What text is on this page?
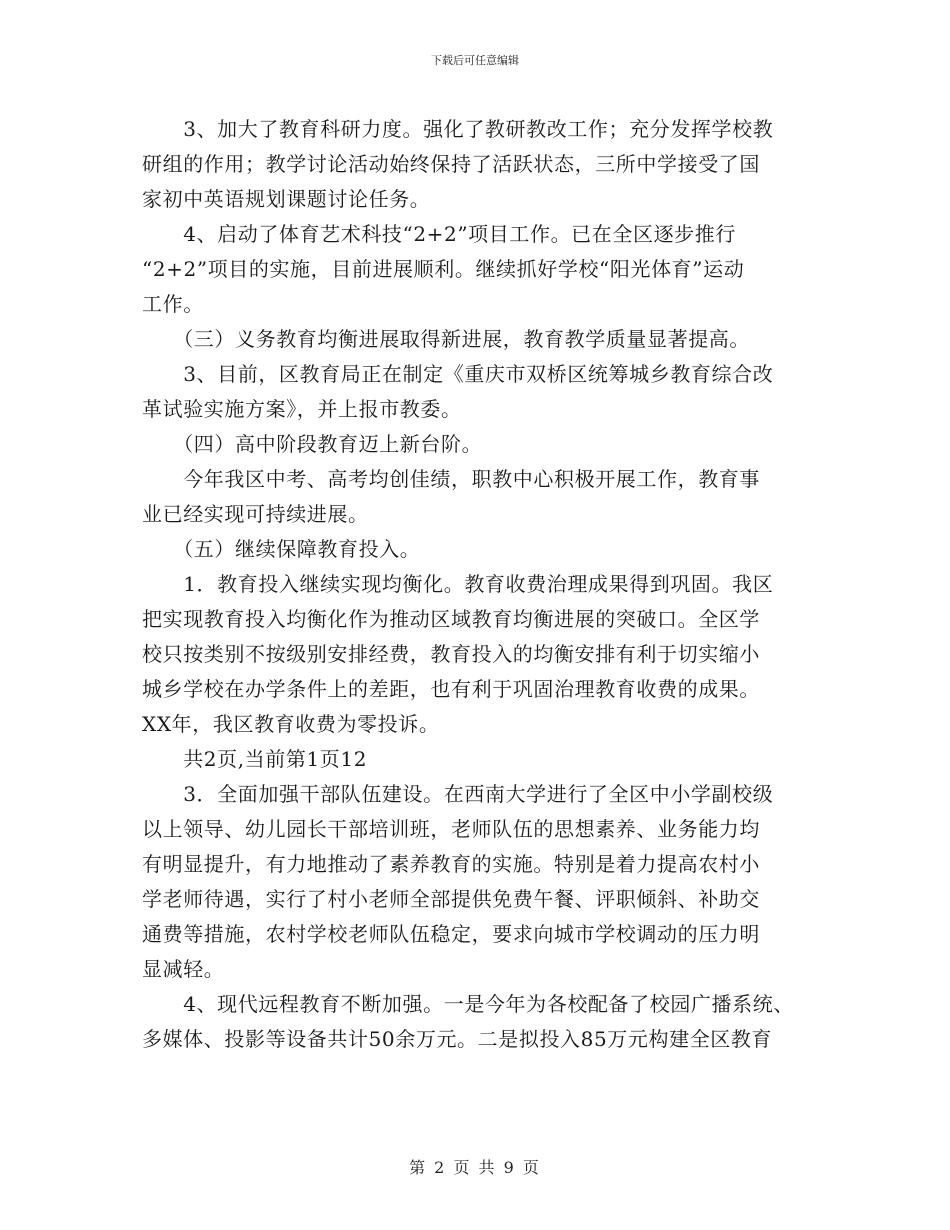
下载后可任意编辑

　　3、加大了教育科研力度。强化了教研教改工作；充分发挥学校教

研组的作用；教学讨论活动始终保持了活跃状态，三所中学接受了国

家初中英语规划课题讨论任务。

　　4、启动了体育艺术科技“2+2”项目工作。已在全区逐步推行

“2+2”项目的实施，目前进展顺利。继续抓好学校“阳光体育”运动

工作。

　　（三）义务教育均衡进展取得新进展，教育教学质量显著提高。

　　3、目前，区教育局正在制定《重庆市双桥区统筹城乡教育综合改

革试验实施方案》，并上报市教委。

　　（四）高中阶段教育迈上新台阶。

　　今年我区中考、高考均创佳绩，职教中心积极开展工作，教育事

业已经实现可持续进展。

　　（五）继续保障教育投入。

　　1．教育投入继续实现均衡化。教育收费治理成果得到巩固。我区

把实现教育投入均衡化作为推动区域教育均衡进展的突破口。全区学

校只按类别不按级别安排经费，教育投入的均衡安排有利于切实缩小

城乡学校在办学条件上的差距，也有利于巩固治理教育收费的成果。

XX年，我区教育收费为零投诉。

　　共2页,当前第1页12

　　3．全面加强干部队伍建设。在西南大学进行了全区中小学副校级

以上领导、幼儿园长干部培训班，老师队伍的思想素养、业务能力均

有明显提升，有力地推动了素养教育的实施。特别是着力提高农村小

学老师待遇，实行了村小老师全部提供免费午餐、评职倾斜、补助交

通费等措施，农村学校老师队伍稳定，要求向城市学校调动的压力明

显减轻。

　　4、现代远程教育不断加强。一是今年为各校配备了校园广播系统、

多媒体、投影等设备共计50余万元。二是拟投入85万元构建全区教育

第 2 页 共 9 页
